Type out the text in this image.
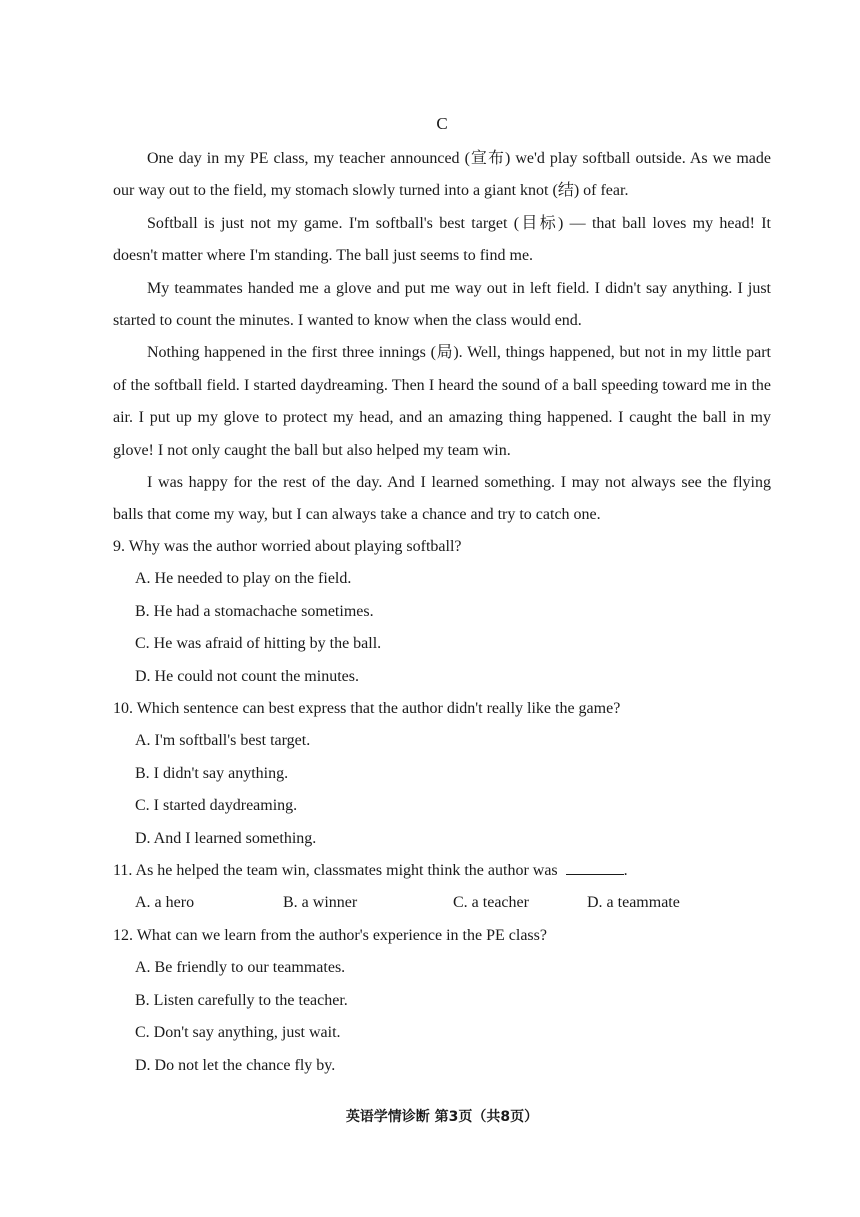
C

One day in my PE class, my teacher announced (宣布) we'd play softball outside. As we made our way out to the field, my stomach slowly turned into a giant knot (结) of fear.

Softball is just not my game. I'm softball's best target (目标) — that ball loves my head! It doesn't matter where I'm standing. The ball just seems to find me.

My teammates handed me a glove and put me way out in left field. I didn't say anything. I just started to count the minutes. I wanted to know when the class would end.

Nothing happened in the first three innings (局). Well, things happened, but not in my little part of the softball field. I started daydreaming. Then I heard the sound of a ball speeding toward me in the air. I put up my glove to protect my head, and an amazing thing happened. I caught the ball in my glove! I not only caught the ball but also helped my team win.

I was happy for the rest of the day. And I learned something. I may not always see the flying balls that come my way, but I can always take a chance and try to catch one.

9. Why was the author worried about playing softball?

A. He needed to play on the field.

B. He had a stomachache sometimes.

C. He was afraid of hitting by the ball.

D. He could not count the minutes.

10. Which sentence can best express that the author didn't really like the game?

A. I'm softball's best target.

B. I didn't say anything.

C. I started daydreaming.

D. And I learned something.

11. As he helped the team win, classmates might think the author was	.

A. a hero	B. a winner	C. a teacher	D. a teammate

12. What can we learn from the author's experience in the PE class?

A. Be friendly to our teammates.

B. Listen carefully to the teacher.

C. Don't say anything, just wait.

D. Do not let the chance fly by.

英语学情诊断 第3页（共8页）
